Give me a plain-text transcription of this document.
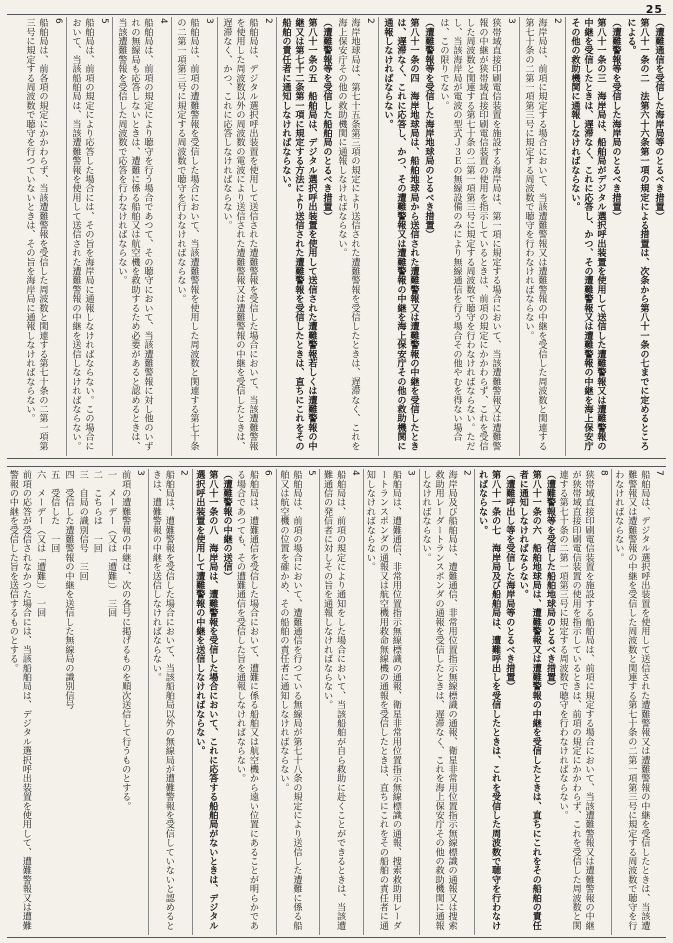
25
（遭難通信を受信した海岸局等のとるべき措置）
第八十一条の二　法第六十六条第一項の規定による措置は、次条から第八十一条の七までに定めるところによる。
（遭難警報等を受信した海岸局のとるべき措置）
第八十一条の三　海岸局は、船舶局がデジタル選択呼出装置を使用して送信した遭難警報又は遭難警報の中継を受信したときは、遅滞なく、これに応答し、かつ、その遭難警報又は遭難警報の中継を海上保安庁その他の救助機関に通報しなければならない。
2
海岸局は、前項に規定する場合において、当該遭難警報又は遭難警報の中継を受信した周波数と関連する第七十条の二第一項第三号に規定する周波数で聴守を行わなければならない。
3
狭帯域直接印刷電信装置を施設する海岸局は、第一項に規定する場合において、当該遭難警報又は遭難警報の中継が狭帯域直接印刷電信装置の使用を指示しているときは、前項の規定にかかわらず、これを受信した周波数と関連する第七十条の二第一項第三号に規定する周波数で聴守を行わなければならない。ただし、当該海岸局が電波の型式Ｊ３Ｅの無線設備のみにより無線通信を行う場合その他やむを得ない場合は、この限りでない。
（遭難警報等を受信した海岸地球局のとるべき措置）
第八十一条の四　海岸地球局は、船舶地球局から送信された遭難警報又は遭難警報の中継を受信したときは、遅滞なく、これに応答し、かつ、その遭難警報又は遭難警報の中継を海上保安庁その他の救助機関に通報しなければならない。
2
海岸地球局は、第七十五条第三項の規定により送信された遭難警報を受信したときは、遅滞なく、これを海上保安庁その他の救助機関に通報しなければならない。
（遭難警報等を受信した船舶局のとるべき措置）
第八十一条の五　船舶局は、デジタル選択呼出装置を使用して送信された遭難警報若しくは遭難警報の中継又は第七十二条第一項に規定する方法により送信された遭難警報を受信したときは、直ちにこれをその船舶の責任者に通知しなければならない。
2
船舶局は、デジタル選択呼出装置を使用して送信された遭難警報を受信した場合において、当該遭難警報を使用した周波数以外の周波数の電波により送信された遭難警報又は遭難警報の中継を受信したときは、遅滞なく、かつ、これに応答しなければならない。
3
船舶局は、前項の遭難警報を受信した場合において、当該遭難警報を使用した周波数と関連する第七十条の二第一項第三号に規定する周波数で聴守を行わなければならない。
4
船舶局は、前項の規定により聴守を行う場合であつて、その聴守において、当該遭難警報に対し他のいずれの無線局も応答しないときは、遭難に係る船舶又は航空機を救助するため必要があると認めるときは、当該遭難警報を受信した周波数で応答を行わなければならない。
5
船舶局は、前項の規定により応答した場合には、その旨を海岸局に通報しなければならない。この場合において、当該船舶局は、当該遭難警報を使用して送信された遭難警報の中継を送信しなければならない。
6
船舶局は、前各項の規定にかかわらず、当該遭難警報を受信した周波数と関連する第七十条の二第一項第三号に規定する周波数で聴守を行つていないときは、その旨を海岸局に通報しなければならない。
7
船舶局は、デジタル選択呼出装置を使用して送信された遭難警報又は遭難警報の中継を受信したときは、当該遭難警報又は遭難警報の中継を受信した周波数と関連する第七十条の二第一項第三号に規定する周波数で聴守を行わなければならない。
8
狭帯域直接印刷電信装置を施設する船舶局は、前項に規定する場合において、当該遭難警報又は遭難警報の中継が狭帯域直接印刷電信装置の使用を指示しているときは、前項の規定にかかわらず、これを受信した周波数と関連する第七十条の二第一項第三号に規定する周波数で聴守を行わなければならない。
（遭難警報等を受信した船舶地球局のとるべき措置）
第八十一条の六　船舶地球局は、遭難警報又は遭難警報の中継を受信したときは、直ちにこれをその船舶の責任者に通知しなければならない。
（遭難呼出し等を受信した海岸局等のとるべき措置）
第八十一条の七　海岸局及び船舶局は、遭難呼出しを受信したときは、これを受信した周波数で聴守を行わなければならない。
2
海岸局及び船舶局は、遭難通信、非常用位置指示無線標識の通報、衛星非常用位置指示無線標識の通報又は捜索救助用レーダートランスポンダの通報を受信したときは、遅滞なく、これを海上保安庁その他の救助機関に通報しなければならない。
3
船舶局は、遭難通信、非常用位置指示無線標識の通報、衛星非常用位置指示無線標識の通報、捜索救助用レーダートランスポンダの通報又は航空機用救命無線機の通報を受信したときは、直ちにこれをその船舶の責任者に通知しなければならない。
4
船舶局は、前項の規定により通知をした場合において、当該船舶が自ら救助に赴くことができるときは、当該遭難通信の発信者に対しその旨を通報しなければならない。
5
船舶局は、前項の場合において、遭難通信を行つている無線局が第七十八条の規定により送信した遭難に係る船舶又は航空機の位置を確かめ、その船舶の責任者に通知しなければならない。
6
船舶局は、遭難通信を受信した場合において、遭難に係る船舶又は航空機から遠い位置にあることが明らかである場合であつても、その遭難通信を受信した旨を通報しなければならない。
（遭難警報の中継の送信）
第八十一条の八　海岸局は、遭難警報を受信した場合において、これに応答する船舶局がないときは、デジタル選択呼出装置を使用して遭難警報の中継を送信しなければならない。
2
船舶局は、遭難警報を受信した場合において、当該船舶局以外の無線局が遭難警報を受信していないと認めるときは、遭難警報の中継を送信しなければならない。
3
前項の遭難警報の中継は、次の各号に掲げるものを順次送信して行うものとする。
一　メーデー（又は「遭難」）　三回
二　こちらは　一回
三　自局の識別信号　三回
四　受信した遭難警報の中継を送信した無線局の識別信号
五　受信した　一回
六　メーデー（又は「遭難」）　一回
前項の応答が受信されなかつた場合には、当該船舶局は、デジタル選択呼出装置を使用して、遭難警報又は遭難警報の中継を受信した旨を送信するものとする。
